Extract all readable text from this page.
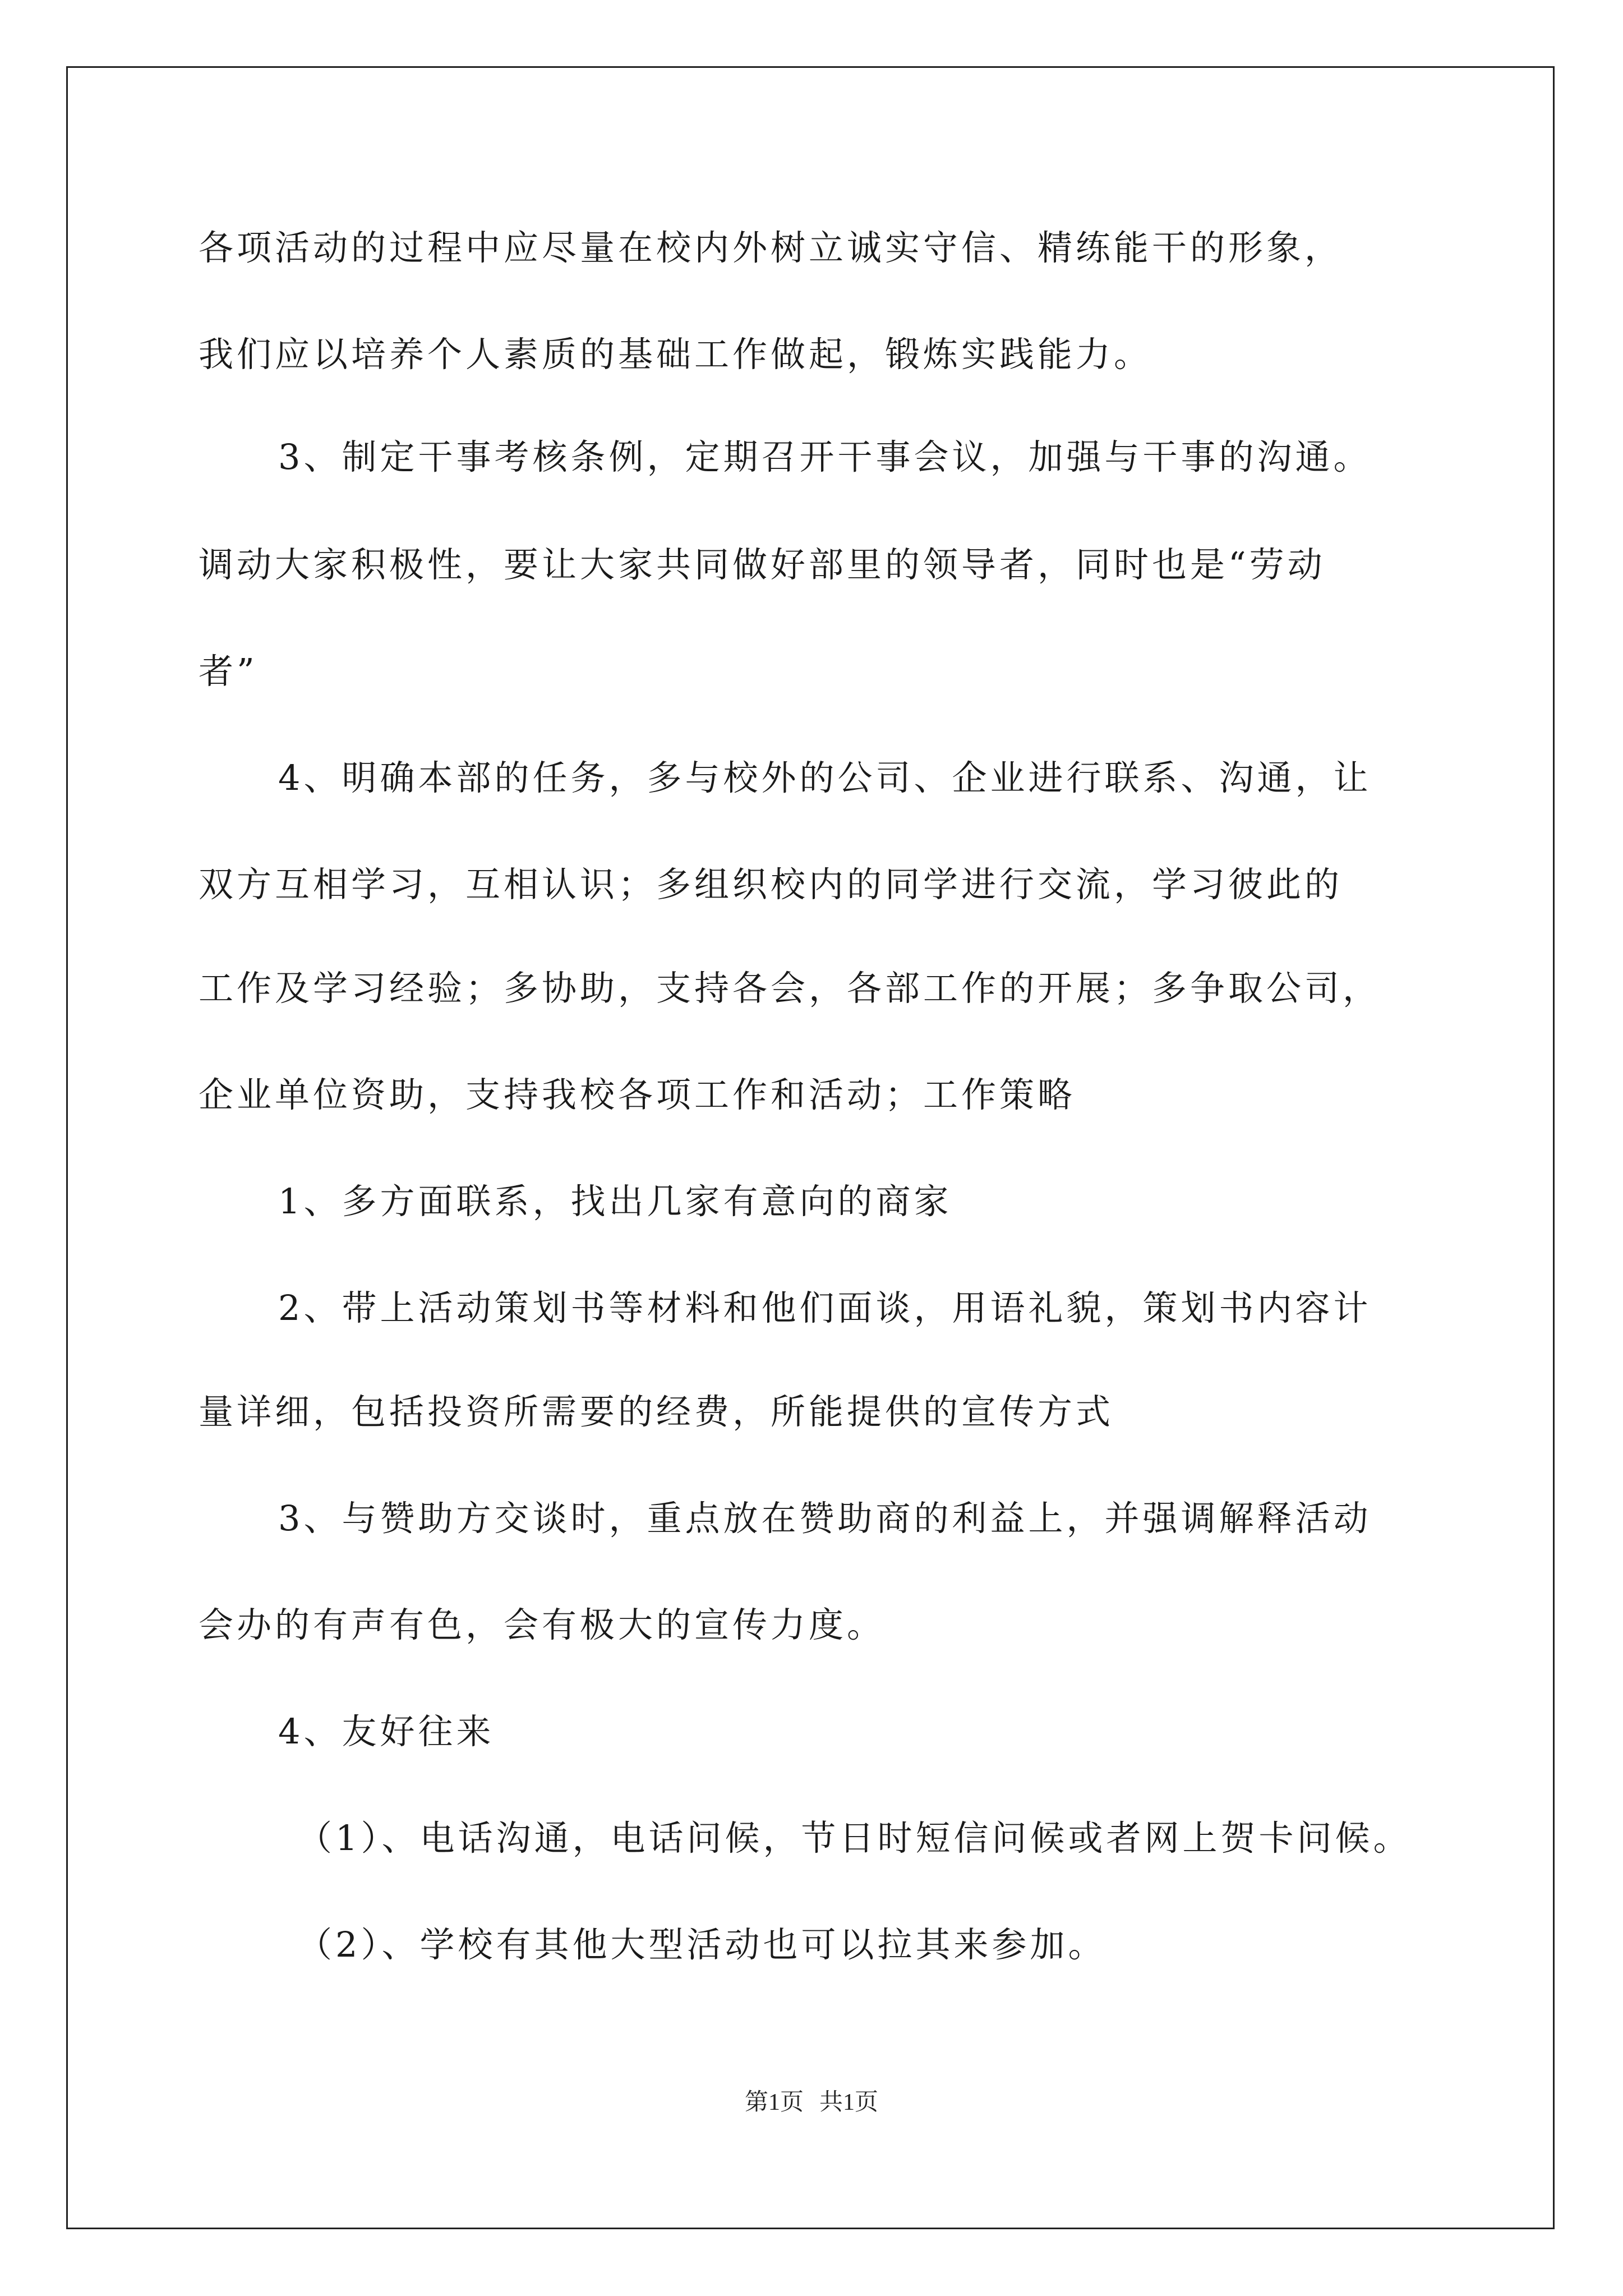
各项活动的过程中应尽量在校内外树立诚实守信、精练能干的形象，
我们应以培养个人素质的基础工作做起，锻炼实践能力。
3、制定干事考核条例，定期召开干事会议，加强与干事的沟通。
调动大家积极性，要让大家共同做好部里的领导者，同时也是“劳动
者”
4、明确本部的任务，多与校外的公司、企业进行联系、沟通，让
双方互相学习，互相认识；多组织校内的同学进行交流，学习彼此的
工作及学习经验；多协助，支持各会，各部工作的开展；多争取公司，
企业单位资助，支持我校各项工作和活动；工作策略
1、多方面联系，找出几家有意向的商家
2、带上活动策划书等材料和他们面谈，用语礼貌，策划书内容计
量详细，包括投资所需要的经费，所能提供的宣传方式
3、与赞助方交谈时，重点放在赞助商的利益上，并强调解释活动
会办的有声有色，会有极大的宣传力度。
4、友好往来
（1）、电话沟通，电话问候，节日时短信问候或者网上贺卡问候。
（2）、学校有其他大型活动也可以拉其来参加。
第1页 共1页
